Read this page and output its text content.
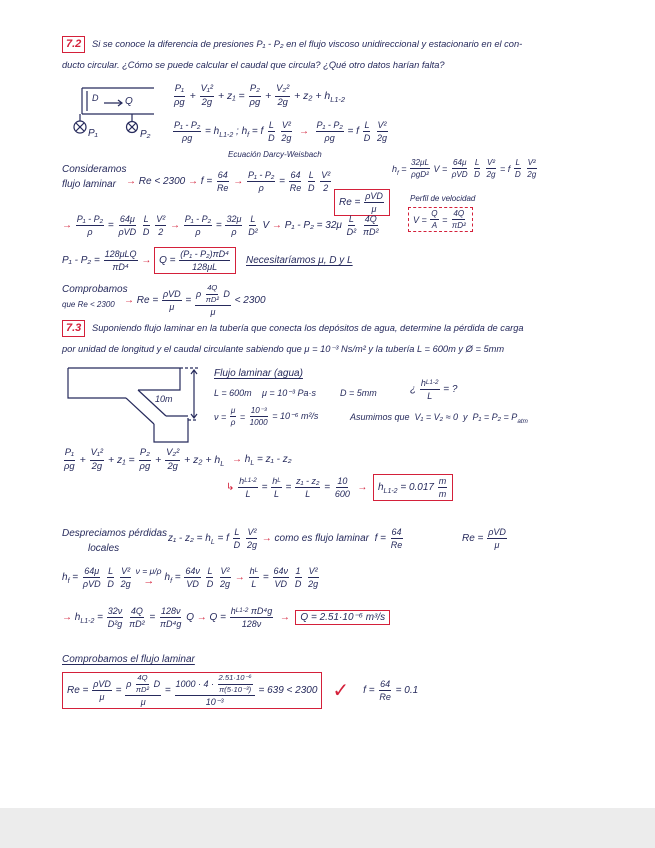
7.2	Si se conoce la diferencia de presiones P₁ - P₂ en el flujo viscoso unidireccional y estacionario en el con-
ducto circular. ¿Cómo se puede calcular el caudal que circula? ¿Qué otro datos harían falta?
D	Q
P₁	P₂
$\frac{\text{P₁}}{\rho g} + \frac{\text{V₁²}}{2g} + z_1 = \frac{\text{P₂}}{\rho g} + \frac{\text{V₂²}}{2g} + z_2 + h_{L1-2}$
$\frac{\text{P₁ - P₂}}{\rho g} = h_{L1-2}$ ; $h_f = f \frac{L}{D}$
$\frac{\text{V²}}{2g} \to \frac{\text{P₁ - P₂}}{\rho g} = f \frac{L}{D}$
$\frac{\text{V²}}{2g}$
Ecuación Darcy-Weisbach
Consideramos
flujo laminar → $Re < 2300 \to f = \frac{64}{Re} \to \frac{\text{P₁ - P₂}}{\rho} = \frac{64}{Re}$
$\frac{L}{D}$
$\frac{\text{V²}}{2}$
$h_f = \frac{32\mu L}{\text{ρgD²}}$ $V = \frac{64\mu}{\text{ρVD}}$
$\frac{L}{D}$
$\frac{\text{V²}}{2g} = f \frac{L}{D}$
$\frac{\text{V²}}{2g}$
$Re = \frac{\text{ρVD}}{\mu}$	Perfil de velocidad
$V = \frac{Q}{A} = \frac{4Q}{\text{πD²}}$
→ $\frac{\text{P₁ - P₂}}{\rho} = \frac{64\mu}{\text{ρVD}}$
$\frac{L}{D}$
$\frac{\text{V²}}{2} \to \frac{\text{P₁ - P₂}}{\rho} = \frac{32\mu}{\rho}$
$\frac{L}{\text{D²}}$ $V \to P_1 - P_2 = 32\mu \frac{L}{\text{D²}}$
$\frac{4Q}{\text{πD²}}$
$P_1 - P_2 = \frac{\text{128μLQ}}{\text{πD⁴}} \to Q = \frac{\text{(P₁ - P₂)πD⁴}}{128\mu L}$ Necesitaríamos μ, D y L
Comprobamos
que $Re < 2300 \to Re = \frac{\text{ρVD}}{\mu} = \frac{\rho \frac{4Q}{\text{πD²}} D}{\mu} < 2300$
7.3	Suponiendo flujo laminar en la tubería que conecta los depósitos de agua, determine la pérdida de carga
por unidad de longitud y el caudal circulante sabiendo que μ = 10⁻³ Ns/m² y la tubería L = 600m y Ø = 5mm
10m
Flujo laminar (agua)
L = 600m μ = 10⁻³ Pa·s	D = 5mm	¿ $\frac{\text{h L1-2}}{L}$ = ?
$\nu = \frac{\mu}{\rho} = \frac{\text{10⁻³}}{1000} = 10^{-6}$ m²/s	Asumimos que  V₁ = V₂ ≈ 0  y  $P_1 = P_2 = P_{atm}$
$\frac{\text{P₁}}{\rho g} + \frac{\text{V₁²}}{2g} + z_1 = \frac{\text{P₂}}{\rho g} + \frac{\text{V₂²}}{2g} + z_2 + h_L \to h_L = z_1 - z_2$
↳ $\frac{\text{h L1-2}}{L} = \frac{\text{h L}}{L} = \frac{\text{z₁ - z₂}}{L} = \frac{10}{600}$ →	$h_{L1-2} = 0.017 \frac{m}{m}$
Despreciamos pérdidas
locales
$z_1 - z_2 = h_L = f \frac{L}{D}$
$\frac{\text{V²}}{2g}$ → como es flujo laminar  $f = \frac{64}{Re}$	$Re = \frac{\text{ρVD}}{\mu}$
$h_f = \frac{64\mu}{\text{ρVD}}$
$\frac{L}{D}$
$\frac{\text{V²}}{2g}$ ν = μ/ρ
→ $h_f = \frac{64\nu}{VD}$
$\frac{L}{D}$
$\frac{\text{V²}}{2g} \to \frac{\text{h L}}{L} = \frac{64\nu}{VD}$
$\frac{1}{D}$
$\frac{\text{V²}}{2g}$
→ $h_{L1-2} = \frac{32\nu}{\text{D²g}}$
$\frac{4Q}{\text{πD²}} = \frac{128\nu}{\text{πD⁴g}}$ $Q \to Q = \frac{\text{h L1-2 πD⁴g}}{128\nu}$ →	Q = 2.51·10⁻⁶ m³/s
Comprobamos el flujo laminar
$Re = \frac{\text{ρVD}}{\mu} = \frac{\rho \frac{4Q}{\text{πD²}} D}{\mu} = \frac{1000 \cdot 4 \cdot \frac{\text{2.51·10⁻⁶}}{\text{π(5·10⁻³)}}}{\text{10⁻³}} = 639 < 2300$ ✓ $f = \frac{64}{Re} = 0.1$
